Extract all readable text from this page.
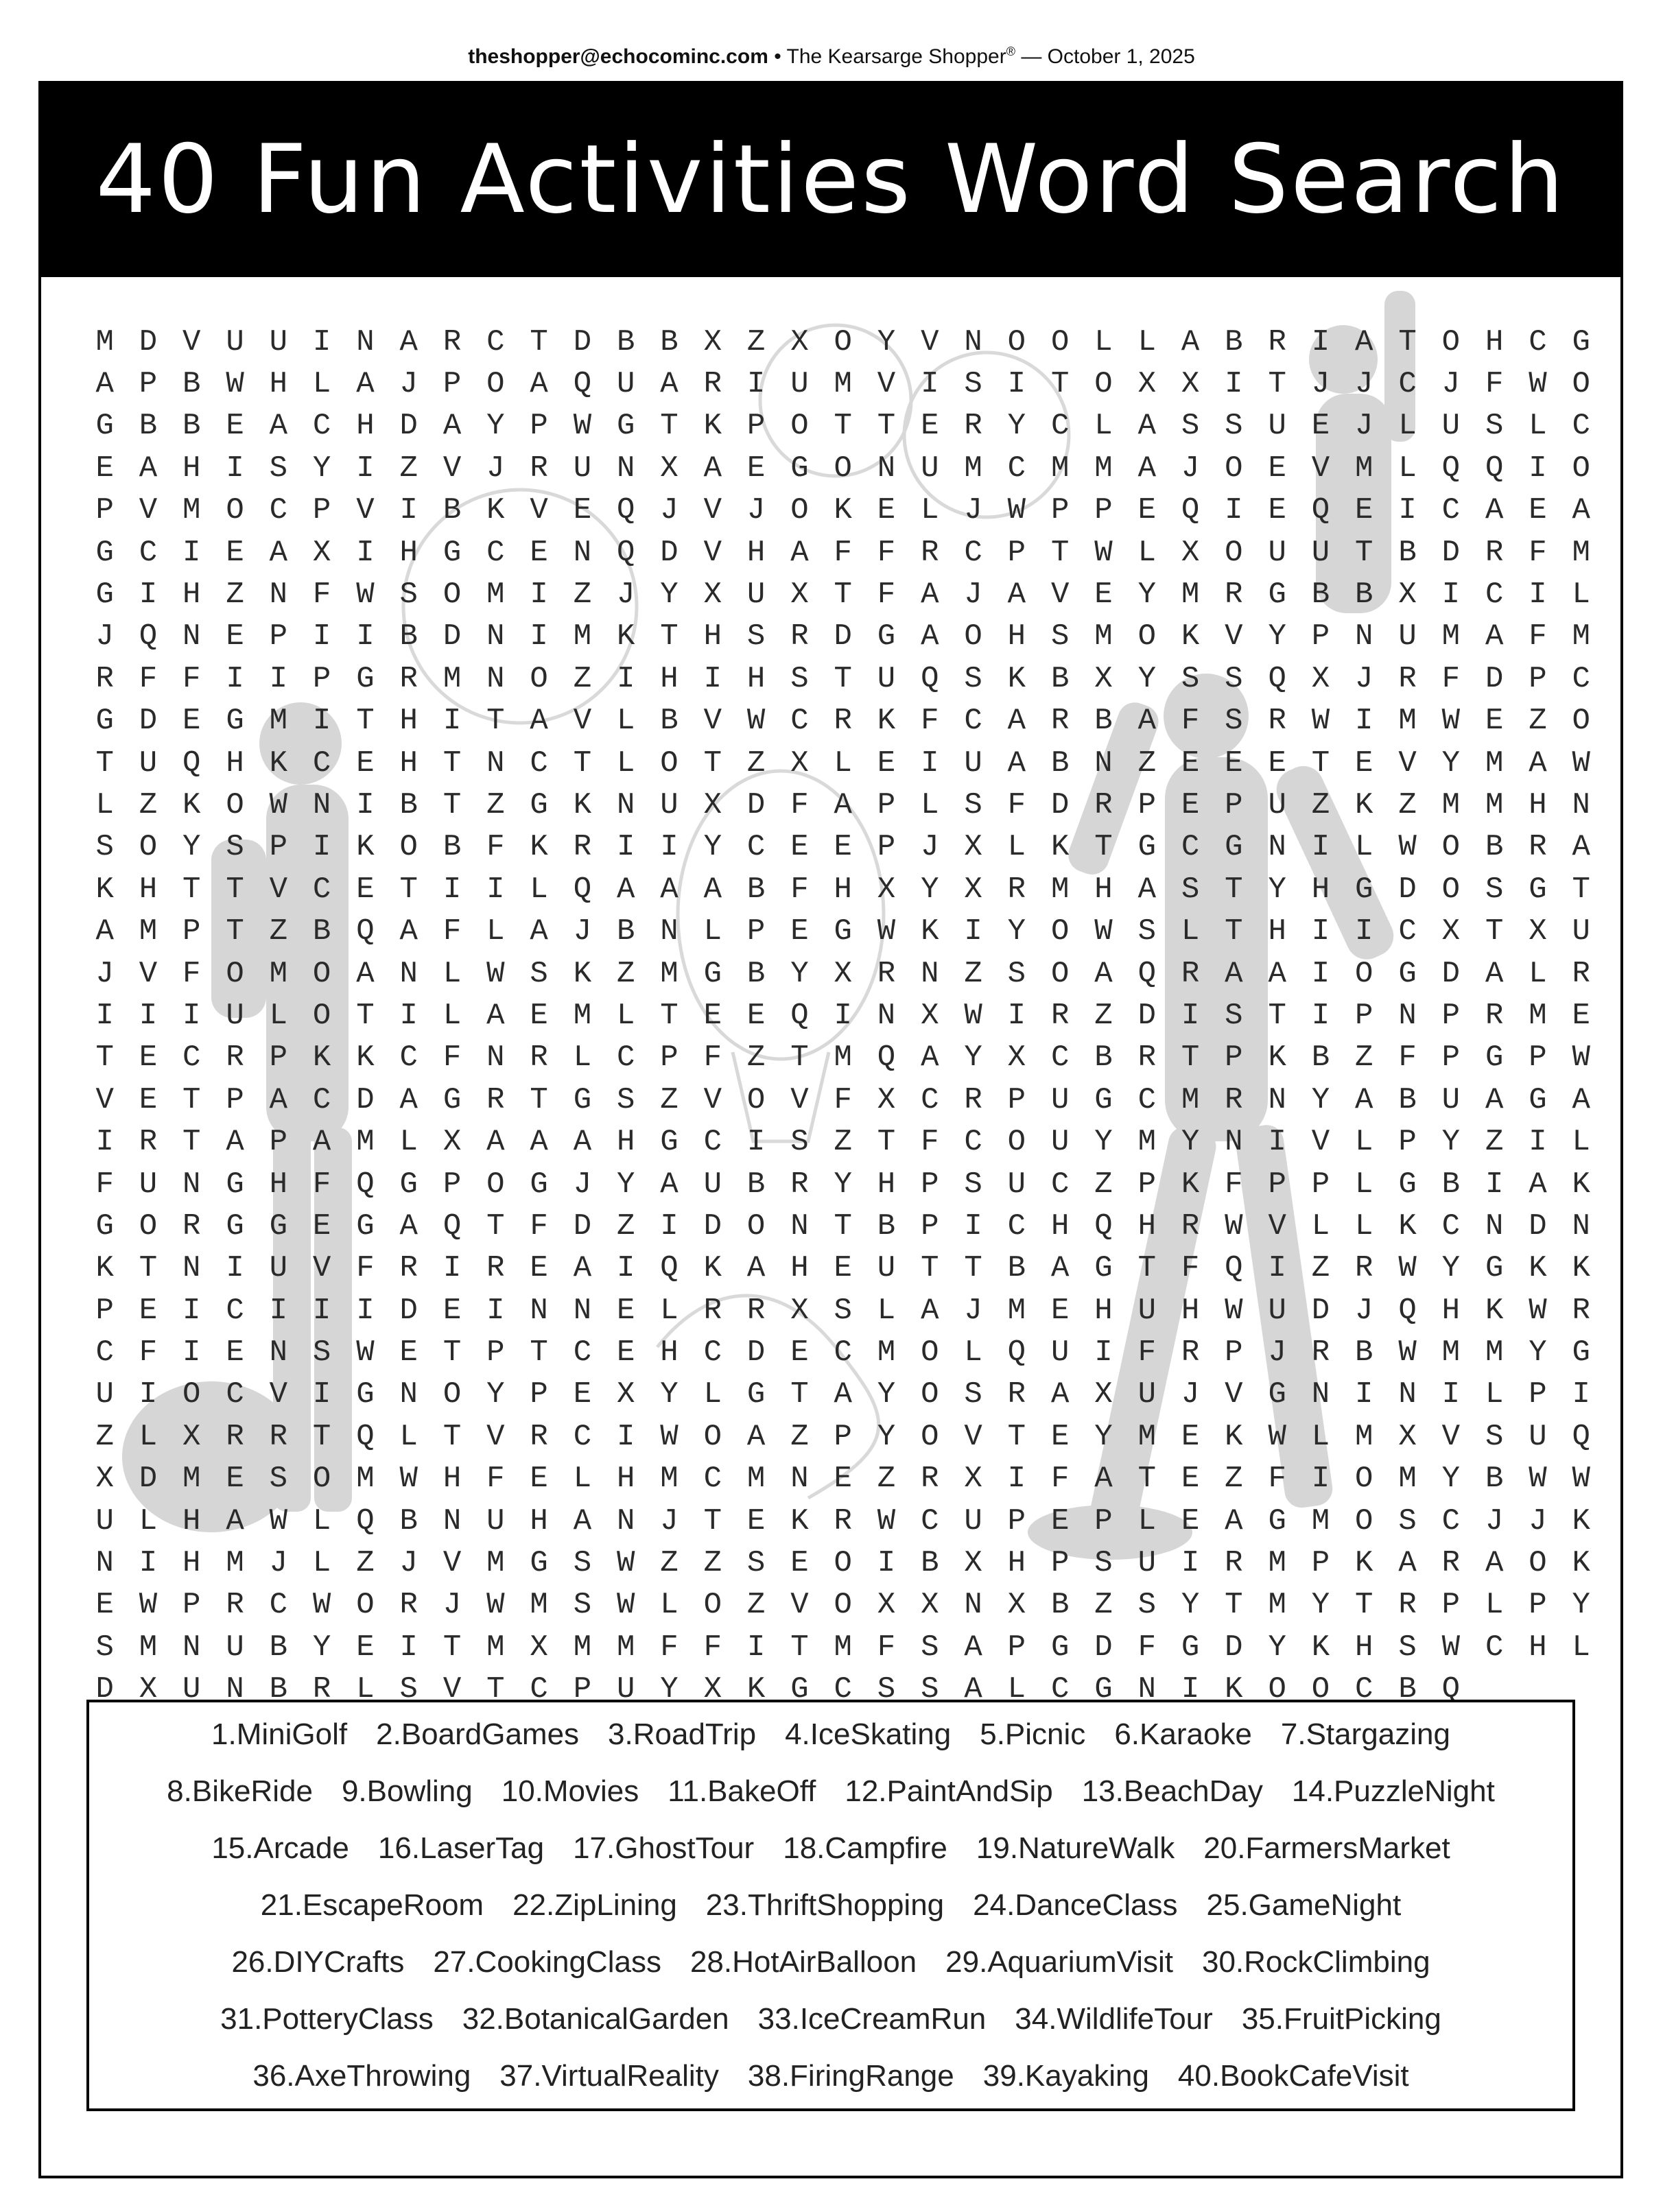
theshopper@echocominc.com • The Kearsarge Shopper® — October 1, 2025
40 Fun Activities Word Search
M D V U U I N A R C T D B B X Z X O Y V N O O L L A B R I A T O H C G
A P B W H L A J P O A Q U A R I U M V I S I T O X X I T J J C J F W O
G B B E A C H D A Y P W G T K P O T T E R Y C L A S S U E J L U S L C
E A H I S Y I Z V J R U N X A E G O N U M C M M A J O E V M L Q Q I O
P V M O C P V I B K V E Q J V J O K E L J W P P E Q I E Q E I C A E A
G C I E A X I H G C E N Q D V H A F F R C P T W L X O U U T B D R F M
G I H Z N F W S O M I Z J Y X U X T F A J A V E Y M R G B B X I C I L
J Q N E P I I B D N I M K T H S R D G A O H S M O K V Y P N U M A F M
R F F I I P G R M N O Z I H I H S T U Q S K B X Y S S Q X J R F D P C
G D E G M I T H I T A V L B V W C R K F C A R B A F S R W I M W E Z O
T U Q H K C E H T N C T L O T Z X L E I U A B N Z E E E T E V Y M A W
L Z K O W N I B T Z G K N U X D F A P L S F D R P E P U Z K Z M M H N
S O Y S P I K O B F K R I I Y C E E P J X L K T G C G N I L W O B R A
K H T T V C E T I I L Q A A A B F H X Y X R M H A S T Y H G D O S G T
A M P T Z B Q A F L A J B N L P E G W K I Y O W S L T H I I C X T X U
J V F O M O A N L W S K Z M G B Y X R N Z S O A Q R A A I O G D A L R
I I I U L O T I L A E M L T E E Q I N X W I R Z D I S T I P N P R M E
T E C R P K K C F N R L C P F Z T M Q A Y X C B R T P K B Z F P G P W
V E T P A C D A G R T G S Z V O V F X C R P U G C M R N Y A B U A G A
I R T A P A M L X A A A H G C I S Z T F C O U Y M Y N I V L P Y Z I L
F U N G H F Q G P O G J Y A U B R Y H P S U C Z P K F P P L G B I A K
G O R G G E G A Q T F D Z I D O N T B P I C H Q H R W V L L K C N D N
K T N I U V F R I R E A I Q K A H E U T T B A G T F Q I Z R W Y G K K
P E I C I I I D E I N N E L R R X S L A J M E H U H W U D J Q H K W R
C F I E N S W E T P T C E H C D E C M O L Q U I F R P J R B W M M Y G
U I O C V I G N O Y P E X Y L G T A Y O S R A X U J V G N I N I L P I
Z L X R R T Q L T V R C I W O A Z P Y O V T E Y M E K W L M X V S U Q
X D M E S O M W H F E L H M C M N E Z R X I F A T E Z F I O M Y B W W
U L H A W L Q B N U H A N J T E K R W C U P E P L E A G M O S C J J K
N I H M J L Z J V M G S W Z Z S E O I B X H P S U I R M P K A R A O K
E W P R C W O R J W M S W L O Z V O X X N X B Z S Y T M Y T R P L P Y
S M N U B Y E I T M X M M F F I T M F S A P G D F G D Y K H S W C H L
D X U N B R L S V T C P U Y X K G C S S A L C G N I K O O C B Q
1.MiniGolf 2.BoardGames 3.RoadTrip 4.IceSkating 5.Picnic 6.Karaoke 7.Stargazing
8.BikeRide 9.Bowling 10.Movies 11.BakeOff 12.PaintAndSip 13.BeachDay 14.PuzzleNight
15.Arcade 16.LaserTag 17.GhostTour 18.Campfire 19.NatureWalk 20.FarmersMarket
21.EscapeRoom 22.ZipLining 23.ThriftShopping 24.DanceClass 25.GameNight
26.DIYCrafts 27.CookingClass 28.HotAirBalloon 29.AquariumVisit 30.RockClimbing
31.PotteryClass 32.BotanicalGarden 33.IceCreamRun 34.WildlifeTour 35.FruitPicking
36.AxeThrowing 37.VirtualReality 38.FiringRange 39.Kayaking 40.BookCafeVisit
